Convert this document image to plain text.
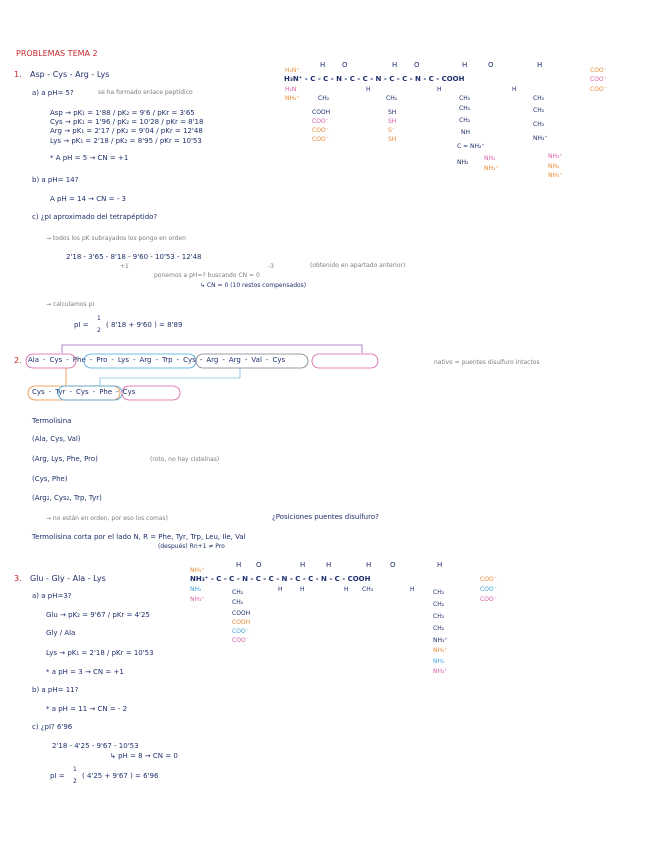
PROBLEMAS TEMA 2
1. Asp - Cys - Arg - Lys
a) a pH= 5?	se ha formado enlace peptídico
Asp → pK₁ = 1'88 / pK₂ = 9'6 / pKr = 3'65
Cys → pK₁ = 1'96 / pK₂ = 10'28 / pKr = 8'18
Arg → pK₁ = 2'17 / pK₂ = 9'04 / pKr = 12'48
Lys → pK₁ = 2'18 / pK₂ = 8'95 / pKr = 10'53
* A pH = 5 → CN = +1
b) a pH= 14?
A pH = 14 → CN = - 3
c) ¿pI aproximado del tetrapéptido?
→ todos los pK subrayados los pongo en orden
2'18 - 3'65 - 8'18 - 9'60 - 10'53 - 12'48
+1	-3	(obtenido en apartado anterior)
ponemos a pH=? buscando CN = 0
↳ CN = 0 (10 restos compensados)
→ calculamos pI
pI =
1
2
( 8'18 + 9'60 ) = 8'89
H O	H O	H	O	H
H₃N⁺
H₃N⁺ - C - C - N - C - C - N - C - C - N - C - COOH
H₂N
NH₃⁺
COO⁻
COO⁻
COO⁻
H	H	H
CH₂
COOH
COO⁻
COO⁻
COO⁻
CH₂
SH
SH
S⁻
SH
CH₂
CH₂
CH₂
NH
C = NH₂⁺
NH₂
NH₂
NH₂⁺
CH₂
CH₂
CH₂
NH₃⁺
NH₃⁺
NH₂
NH₃⁺
2. Ala - Cys - Phe - Pro - Lys - Arg - Trp - Cys - Arg - Arg - Val - Cys	nativo = puentes disulfuro intactos
Cys - Tyr - Cys - Phe - Cys
Termolisina
(Ala, Cys, Val)
(Arg, Lys, Phe, Pro)	(roto, no hay cisteínas)
(Cys, Phe)
(Arg₂, Cys₂, Trp, Tyr)
→ no están en orden, por eso los comas)	¿Posiciones puentes disulfuro?
Termolisina corta por el lado N, R = Phe, Tyr, Trp, Leu, Ile, Val
(después) Rn+1 ≠ Pro
3. Glu - Gly - Ala - Lys
a) a pH=3?
Glu → pK₂ = 9'67 / pKr = 4'25
Gly / Ala
Lys → pK₁ = 2'18 / pKr = 10'53
* a pH = 3 → CN = +1
b) a pH= 11?
* a pH = 11 → CN = - 2
c) ¿pI? 6'96
2'18 - 4'25 - 9'67 - 10'53
↳ pH = 8 → CN = 0
pI =
1
2
( 4'25 + 9'67 ) = 6'96
H O	H	H	H	O	H
NH₃⁺
NH₃⁺ - C - C - N - C - C - N - C - C - N - C - COOH
NH₂
NH₃⁺
H	H	H	H
CH₃
COO⁻
COO⁻
COO⁻
CH₂
CH₂
COOH
COOH
COO⁻
COO⁻
CH₂
CH₂
CH₂
CH₂
NH₃⁺
NH₃⁺
NH₂
NH₃⁺
